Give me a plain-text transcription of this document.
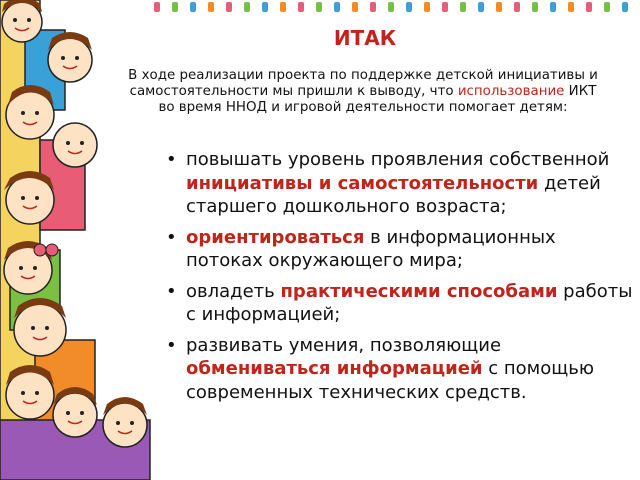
ИТАК
В ходе реализации проекта по поддержке детской инициативы и самостоятельности мы пришли к выводу, что использование ИКТ во время ННОД и игровой деятельности помогает детям:
• повышать уровень проявления собственной инициативы и самостоятельности детей старшего дошкольного возраста;
• ориентироваться в информационных потоках окружающего мира;
• овладеть практическими способами работы с информацией;
• развивать умения, позволяющие обмениваться информацией с помощью современных технических средств.
